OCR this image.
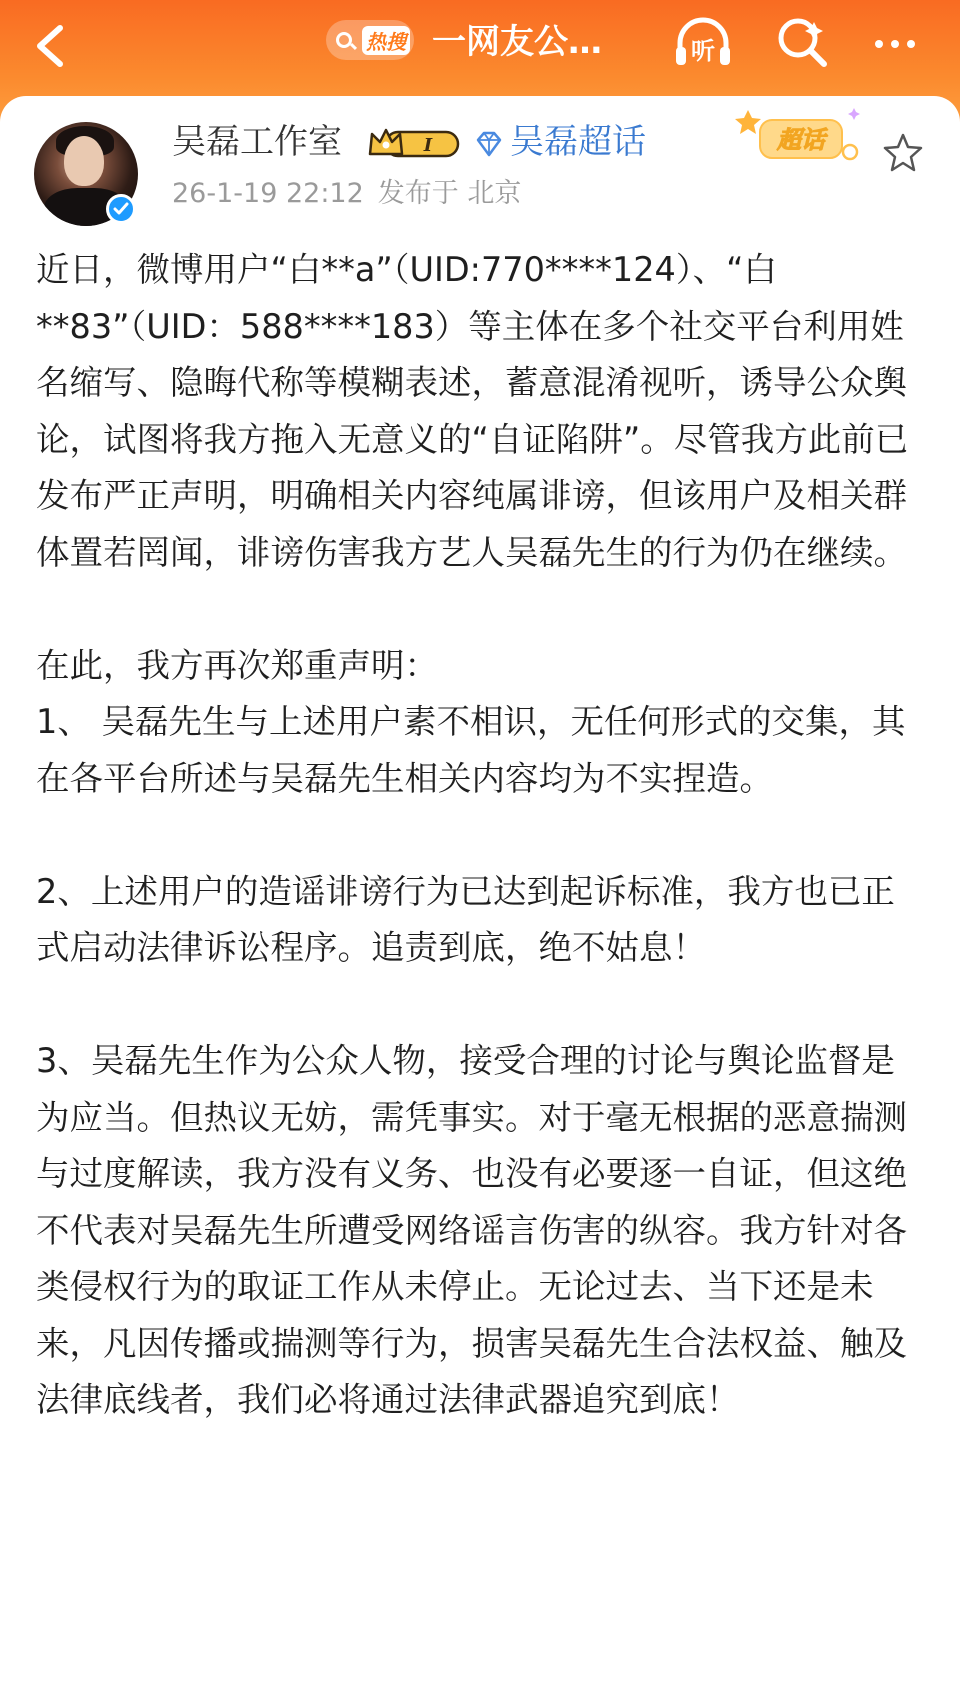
热搜 一网友公…	听
吴磊工作室	I 吴磊超话	超话
26-1-19 22:12 发布于 北京

近日，微博用户“白**a”（UID:770****124）、“白**83”（UID：588****183）等主体在多个社交平台利用姓名缩写、隐晦代称等模糊表述，蓄意混淆视听，诱导公众舆论，试图将我方拖入无意义的“自证陷阱”。尽管我方此前已发布严正声明，明确相关内容纯属诽谤，但该用户及相关群体置若罔闻，诽谤伤害我方艺人吴磊先生的行为仍在继续。

在此，我方再次郑重声明：
1、 吴磊先生与上述用户素不相识，无任何形式的交集，其在各平台所述与吴磊先生相关内容均为不实捏造。

2、上述用户的造谣诽谤行为已达到起诉标准，我方也已正式启动法律诉讼程序。追责到底，绝不姑息！

3、吴磊先生作为公众人物，接受合理的讨论与舆论监督是为应当。但热议无妨，需凭事实。对于毫无根据的恶意揣测与过度解读，我方没有义务、也没有必要逐一自证，但这绝不代表对吴磊先生所遭受网络谣言伤害的纵容。我方针对各类侵权行为的取证工作从未停止。无论过去、当下还是未来，凡因传播或揣测等行为，损害吴磊先生合法权益、触及法律底线者，我们必将通过法律武器追究到底！
